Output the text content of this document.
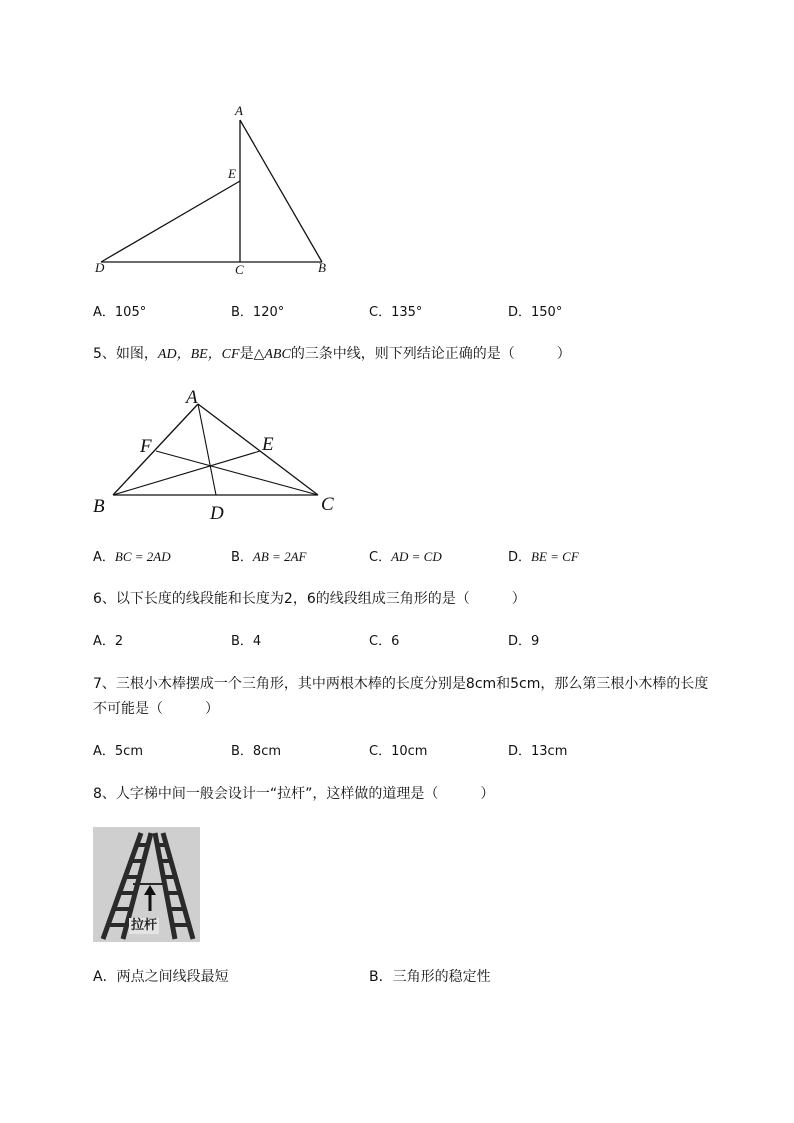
A
E
D	C	B
A．105°	B．120°	C．135°	D．150°
5、如图，AD，BE，CF是△ABC的三条中线，则下列结论正确的是（　　　）
A
F	E
B	D	C
A．BC = 2AD	B．AB = 2AF	C．AD = CD	D．BE = CF
6、以下长度的线段能和长度为2，6的线段组成三角形的是（　　　）
A．2	B．4	C．6	D．9
7、三根小木棒摆成一个三角形，其中两根木棒的长度分别是8cm和5cm，那么第三根小木棒的长度
不可能是（　　　）
A．5cm	B．8cm	C．10cm	D．13cm
8、人字梯中间一般会设计一“拉杆”，这样做的道理是（　　　）
拉杆
A．两点之间线段最短	B．三角形的稳定性
